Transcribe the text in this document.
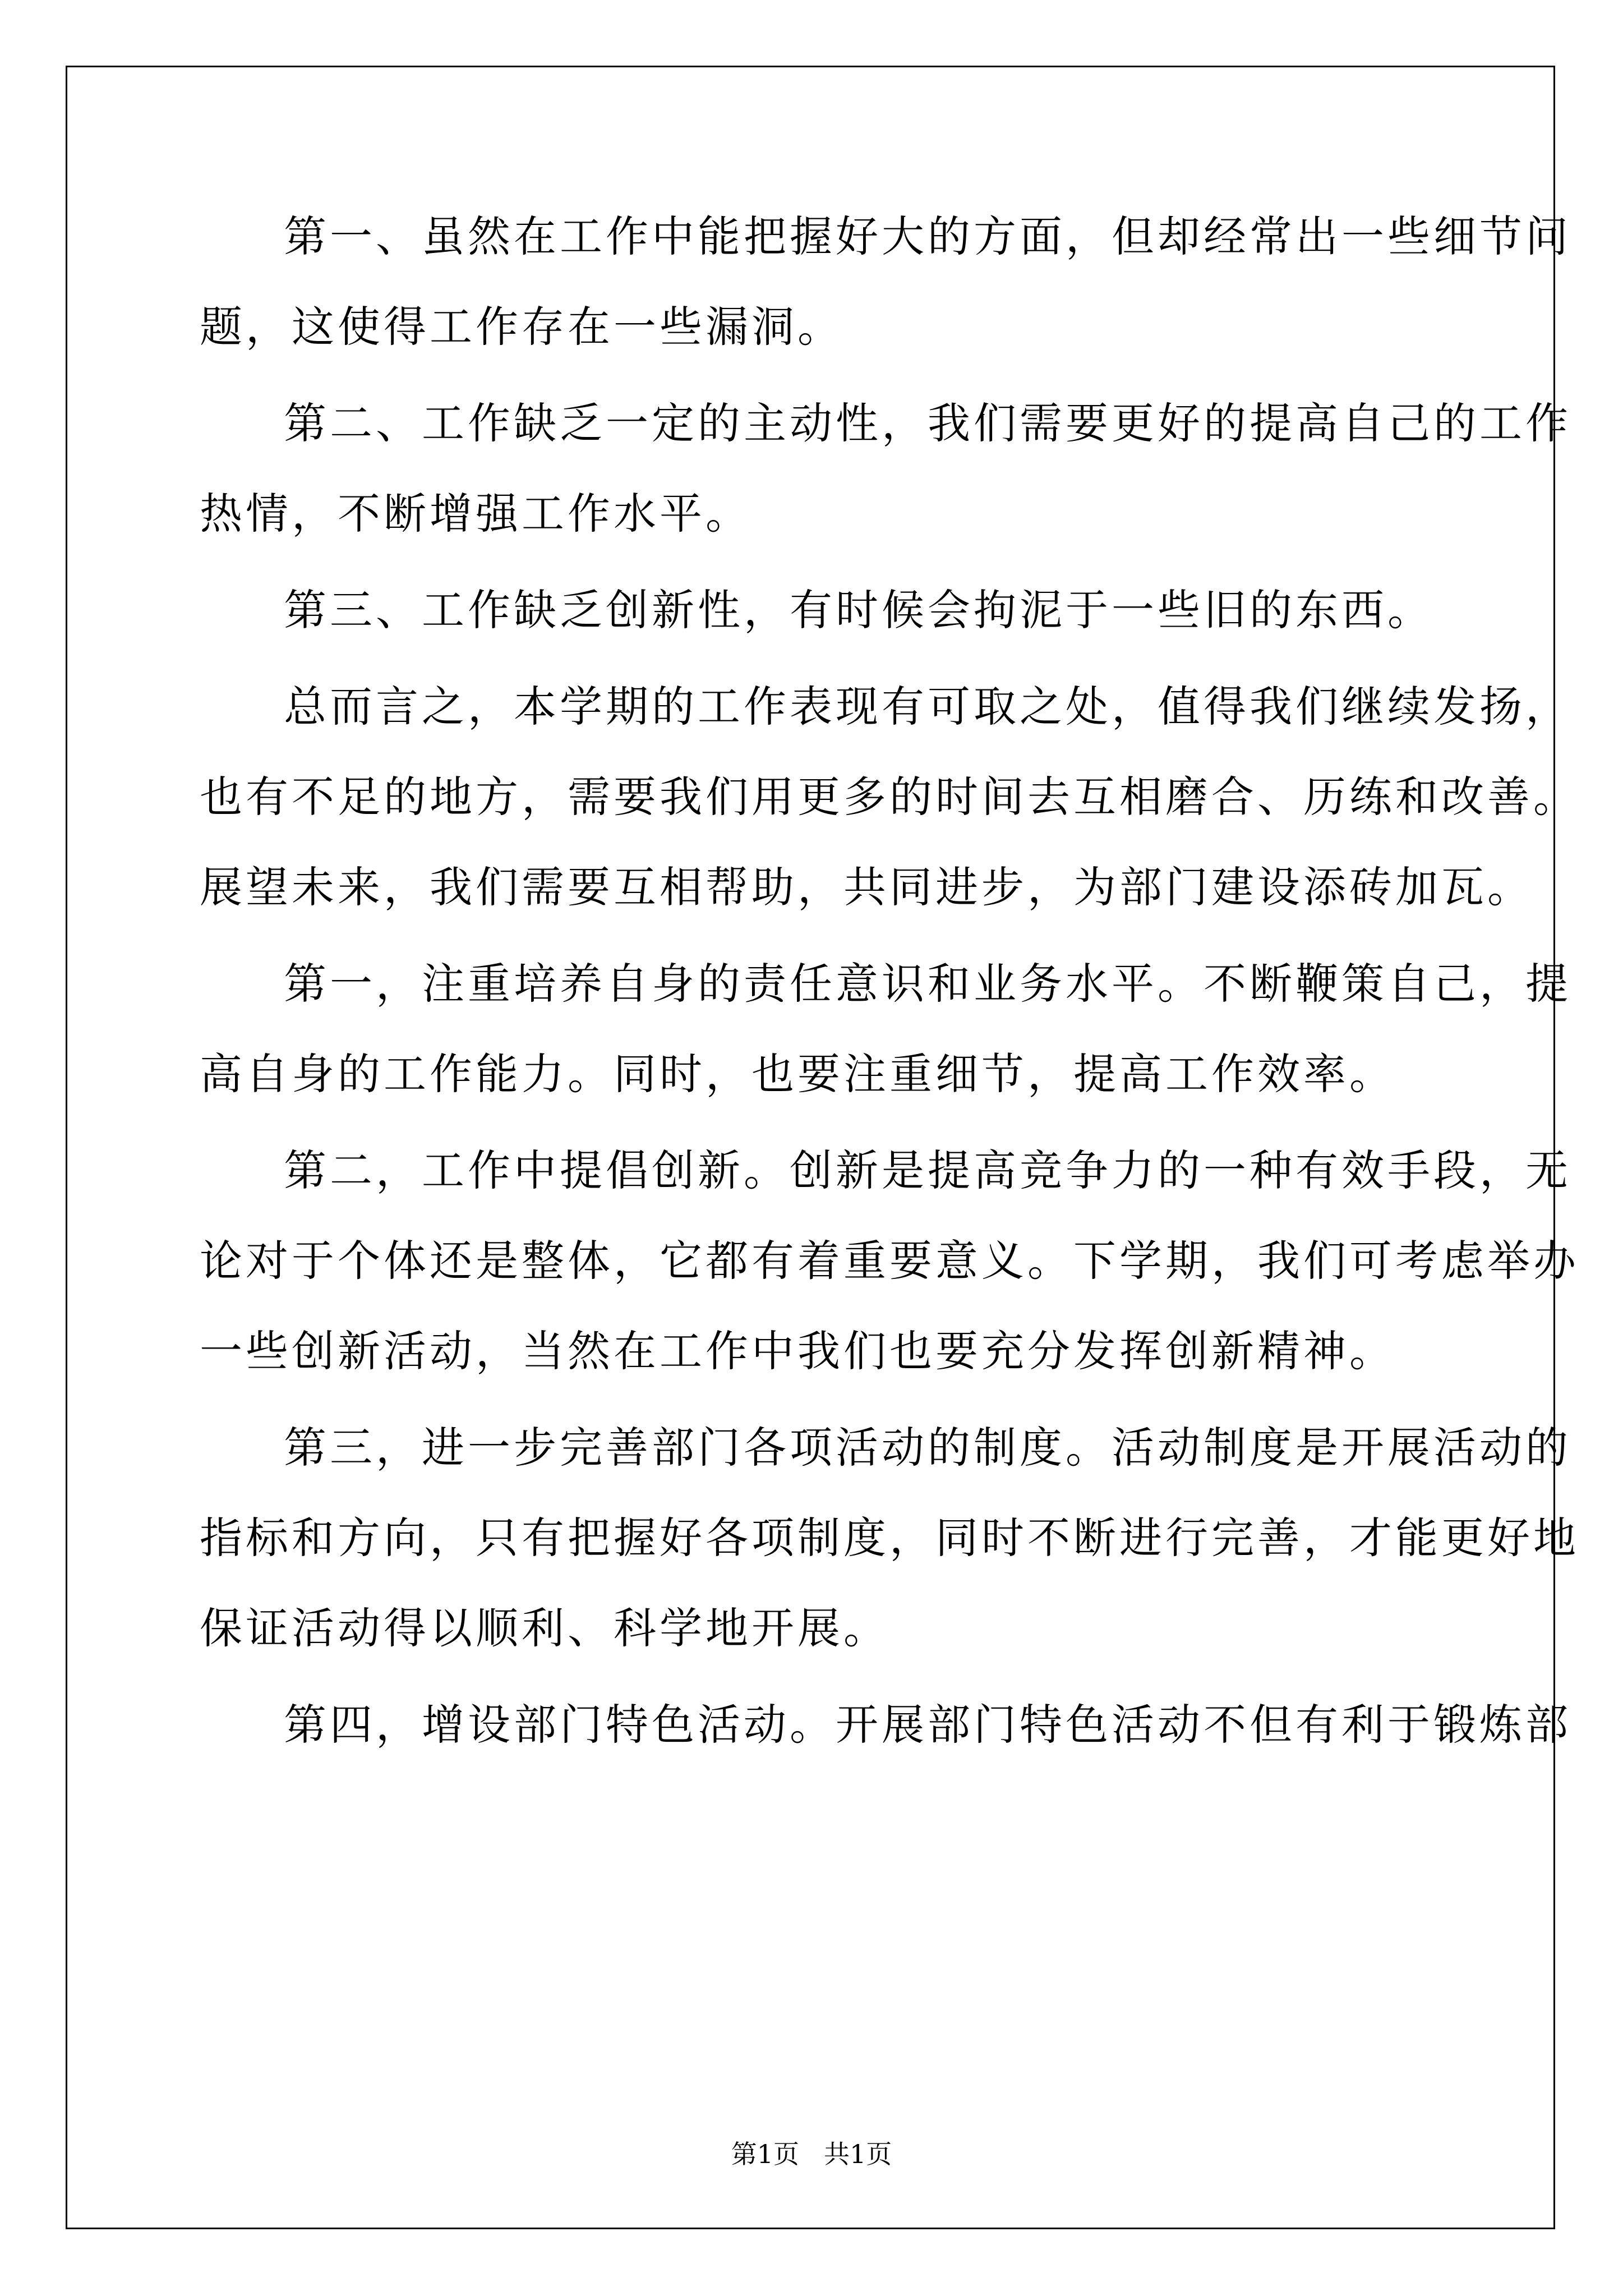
第一、虽然在工作中能把握好大的方面，但却经常出一些细节问
题，这使得工作存在一些漏洞。
第二、工作缺乏一定的主动性，我们需要更好的提高自己的工作
热情，不断增强工作水平。
第三、工作缺乏创新性，有时候会拘泥于一些旧的东西。
总而言之，本学期的工作表现有可取之处，值得我们继续发扬，
也有不足的地方，需要我们用更多的时间去互相磨合、历练和改善。
展望未来，我们需要互相帮助，共同进步，为部门建设添砖加瓦。
第一，注重培养自身的责任意识和业务水平。不断鞭策自己，提
高自身的工作能力。同时，也要注重细节，提高工作效率。
第二，工作中提倡创新。创新是提高竞争力的一种有效手段，无
论对于个体还是整体，它都有着重要意义。下学期，我们可考虑举办
一些创新活动，当然在工作中我们也要充分发挥创新精神。
第三，进一步完善部门各项活动的制度。活动制度是开展活动的
指标和方向，只有把握好各项制度，同时不断进行完善，才能更好地
保证活动得以顺利、科学地开展。
第四，增设部门特色活动。开展部门特色活动不但有利于锻炼部
第1页 共1页
